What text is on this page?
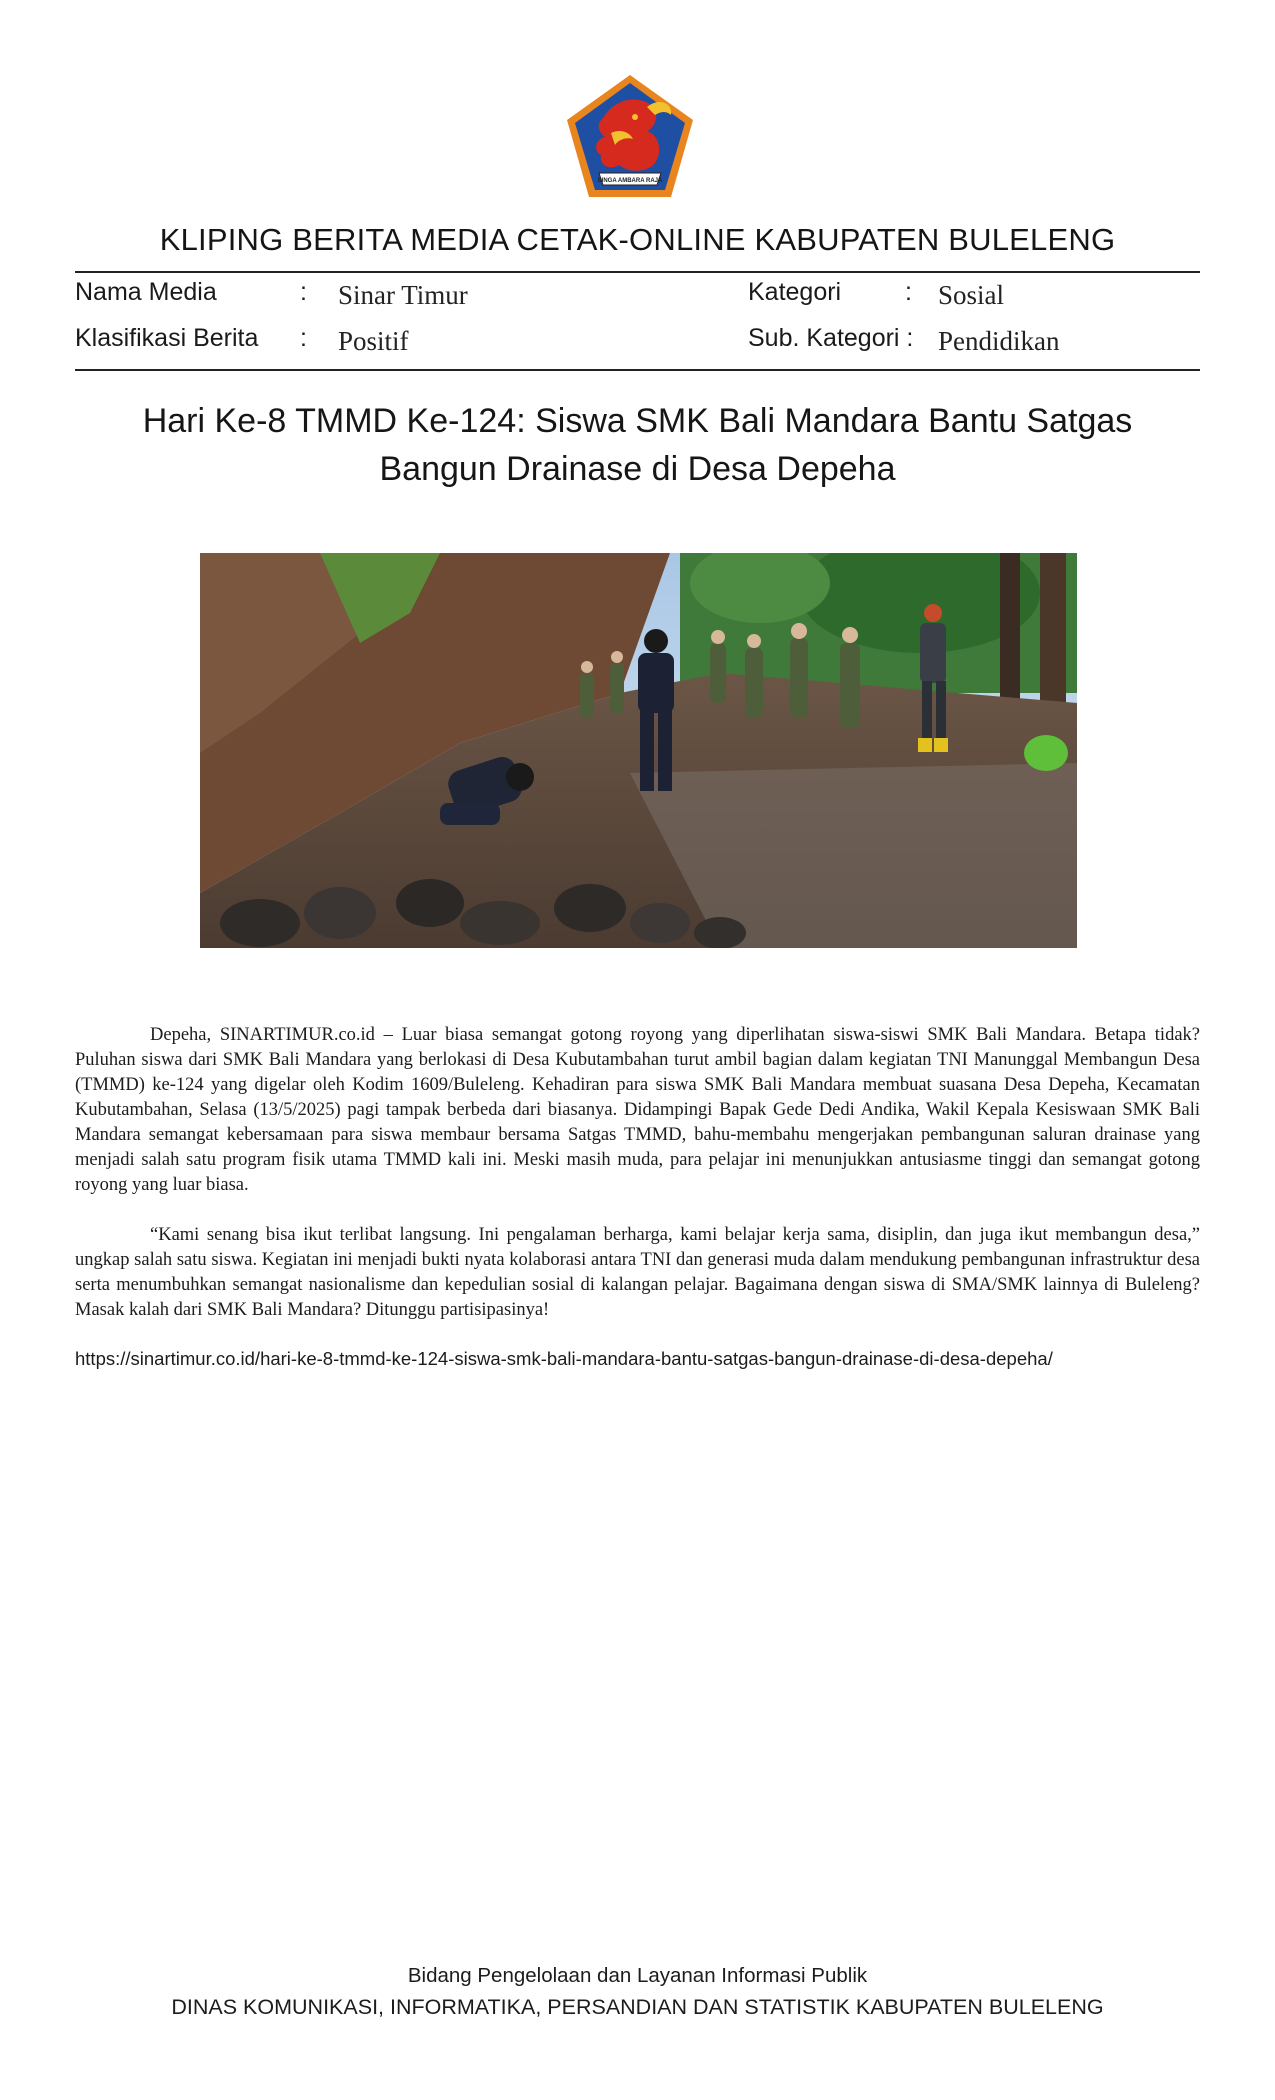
SINGA AMBARA RAJA
KLIPING BERITA MEDIA CETAK-ONLINE KABUPATEN BULELENG
Nama Media	: Sinar Timur	Kategori	: Sosial
Klasifikasi Berita : Positif	Sub. Kategori : Pendidikan
Hari Ke-8 TMMD Ke-124: Siswa SMK Bali Mandara Bantu Satgas
Bangun Drainase di Desa Depeha

Depeha, SINARTIMUR.co.id – Luar biasa semangat gotong royong yang diperlihatan siswa-siswi SMK Bali Mandara. Betapa tidak? Puluhan siswa dari SMK Bali Mandara yang berlokasi di Desa Kubutambahan turut ambil bagian dalam kegiatan TNI Manunggal Membangun Desa (TMMD) ke-124 yang digelar oleh Kodim 1609/Buleleng. Kehadiran para siswa SMK Bali Mandara membuat suasana Desa Depeha, Kecamatan Kubutambahan, Selasa (13/5/2025) pagi tampak berbeda dari biasanya. Didampingi Bapak Gede Dedi Andika, Wakil Kepala Kesiswaan SMK Bali Mandara semangat kebersamaan para siswa membaur bersama Satgas TMMD, bahu-membahu mengerjakan pembangunan saluran drainase yang menjadi salah satu program fisik utama TMMD kali ini. Meski masih muda, para pelajar ini menunjukkan antusiasme tinggi dan semangat gotong royong yang luar biasa.

“Kami senang bisa ikut terlibat langsung. Ini pengalaman berharga, kami belajar kerja sama, disiplin, dan juga ikut membangun desa,” ungkap salah satu siswa. Kegiatan ini menjadi bukti nyata kolaborasi antara TNI dan generasi muda dalam mendukung pembangunan infrastruktur desa serta menumbuhkan semangat nasionalisme dan kepedulian sosial di kalangan pelajar. Bagaimana dengan siswa di SMA/SMK lainnya di Buleleng? Masak kalah dari SMK Bali Mandara? Ditunggu partisipasinya!

https://sinartimur.co.id/hari-ke-8-tmmd-ke-124-siswa-smk-bali-mandara-bantu-satgas-bangun-drainase-di-desa-depeha/
Bidang Pengelolaan dan Layanan Informasi Publik
DINAS KOMUNIKASI, INFORMATIKA, PERSANDIAN DAN STATISTIK KABUPATEN BULELENG
